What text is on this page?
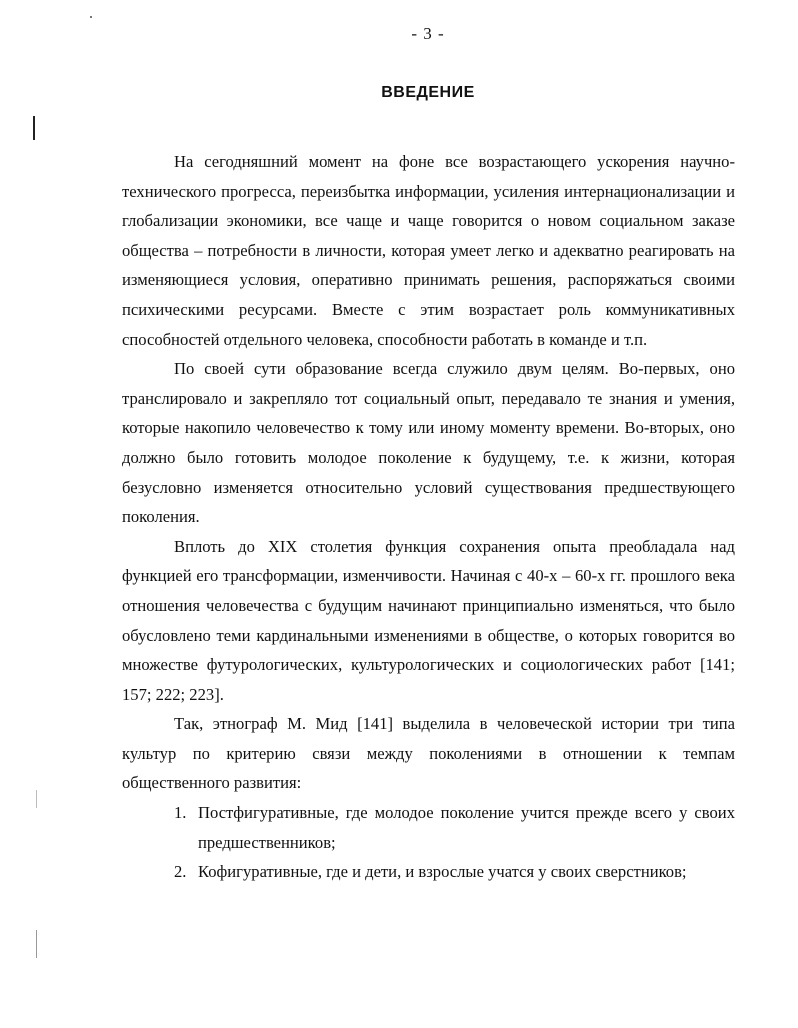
- 3 -
ВВЕДЕНИЕ

На сегодняшний момент на фоне все возрастающего ускорения научно-технического прогресса, переизбытка информации, усиления интернационализации и глобализации экономики, все чаще и чаще говорится о новом социальном заказе общества – потребности в личности, которая умеет легко и адекватно реагировать на изменяющиеся условия, оперативно принимать решения, распоряжаться своими психическими ресурсами. Вместе с этим возрастает роль коммуникативных способностей отдельного человека, способности работать в команде и т.п.

По своей сути образование всегда служило двум целям. Во-первых, оно транслировало и закрепляло тот социальный опыт, передавало те знания и умения, которые накопило человечество к тому или иному моменту времени. Во-вторых, оно должно было готовить молодое поколение к будущему, т.е. к жизни, которая безусловно изменяется относительно условий существования предшествующего поколения.

Вплоть до XIX столетия функция сохранения опыта преобладала над функцией его трансформации, изменчивости. Начиная с 40-х – 60-х гг. прошлого века отношения человечества с будущим начинают принципиально изменяться, что было обусловлено теми кардинальными изменениями в обществе, о которых говорится во множестве футурологических, культурологических и социологических работ [141; 157; 222; 223].

Так, этнограф М. Мид [141] выделила в человеческой истории три типа культур по критерию связи между поколениями в отношении к темпам общественного развития:

1. Постфигуративные, где молодое поколение учится прежде всего у своих предшественников;
2. Кофигуративные, где и дети, и взрослые учатся у своих сверстников;
